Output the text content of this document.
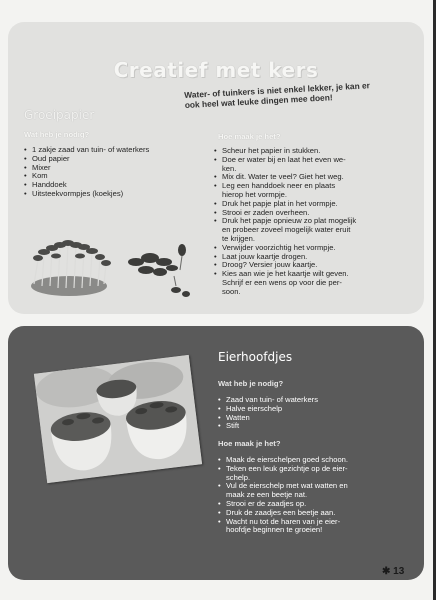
Creatief met kers
Water- of tuinkers is niet enkel lekker, je kan er ook heel wat leuke dingen mee doen!
Groeipapier
Wat heb je nodig?
• 1 zakje zaad van tuin- of waterkers
• Oud papier
• Mixer
• Kom
• Handdoek
• Uitsteekvormpjes (koekjes)
Hoe maak je het?
• Scheur het papier in stukken.
• Doe er water bij en laat het even we-
ken.
• Mix dit. Water te veel? Giet het weg.
• Leg een handdoek neer en plaats
hierop het vormpje.
• Druk het papje plat in het vormpje.
• Strooi er zaden overheen.
• Druk het papje opnieuw zo plat mogelijk
en probeer zoveel mogelijk water eruit
te krijgen.
• Verwijder voorzichtig het vormpje.
• Laat jouw kaartje drogen.
• Droog? Versier jouw kaartje.
• Kies aan wie je het kaartje wilt geven.
Schrijf er een wens op voor die per-
soon.
Eierhoofdjes
Wat heb je nodig?
• Zaad van tuin- of waterkers
• Halve eierschelp
• Watten
• Stift
Hoe maak je het?
• Maak de eierschelpen goed schoon.
• Teken een leuk gezichtje op de eier-
schelp.
• Vul de eierschelp met wat watten en
maak ze een beetje nat.
• Strooi er de zaadjes op.
• Druk de zaadjes een beetje aan.
• Wacht nu tot de haren van je eier-
hoofdje beginnen te groeien!
✱ 13
